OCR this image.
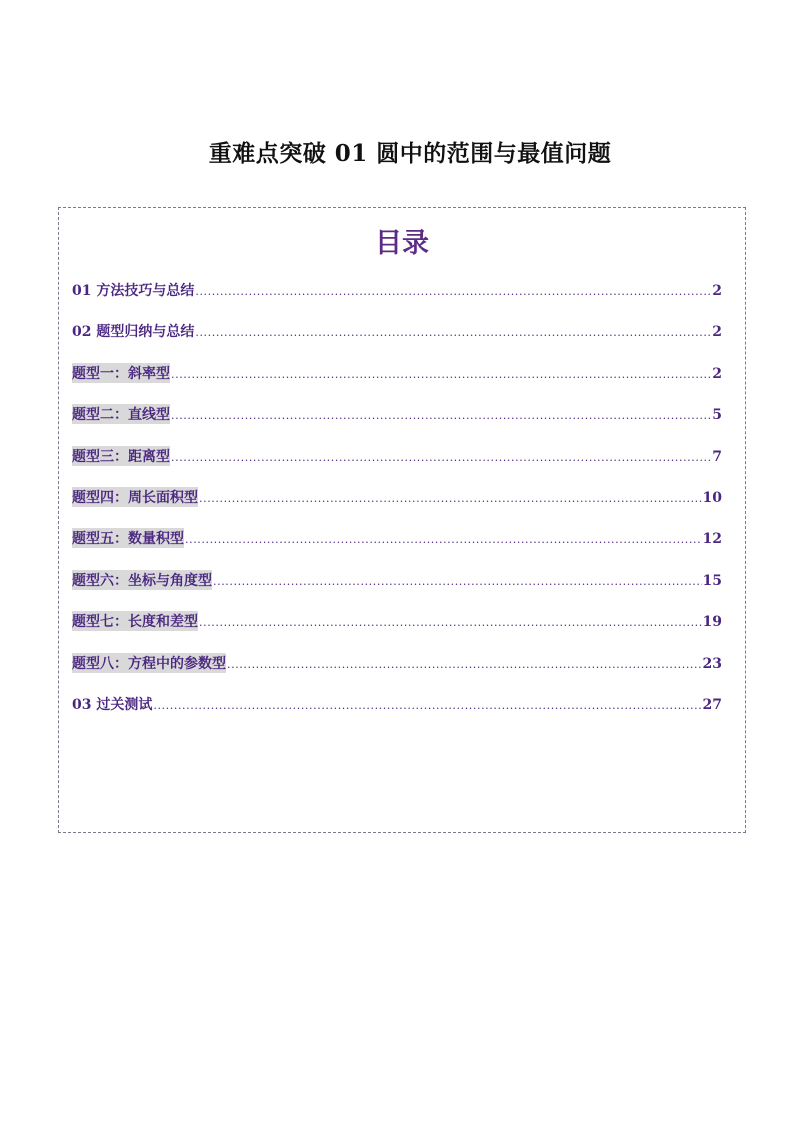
重难点突破 01 圆中的范围与最值问题
目录
01 方法技巧与总结 .....	2
02 题型归纳与总结 .....	2
题型一：斜率型 .....	2
题型二：直线型 .....	5
题型三：距离型 .....	7
题型四：周长面积型 .....	10
题型五：数量积型 .....	12
题型六：坐标与角度型 .....	15
题型七：长度和差型 .....	19
题型八：方程中的参数型 .....	23
03 过关测试 .....	27
